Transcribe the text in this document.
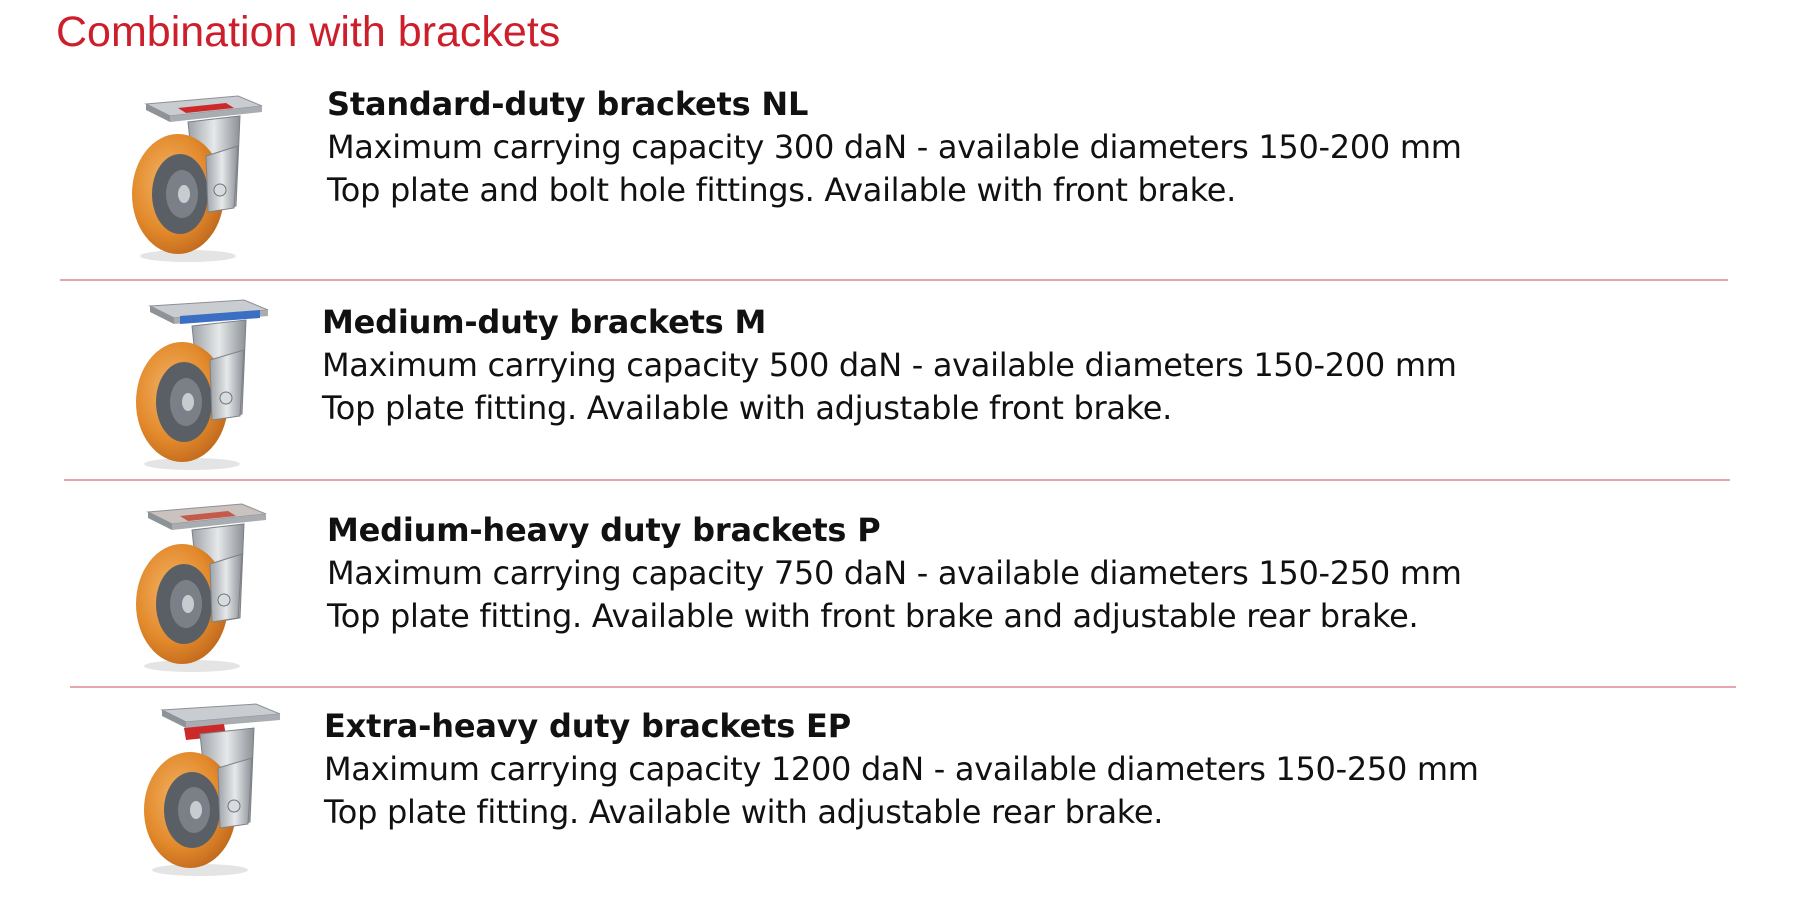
Combination with brackets
Standard-duty brackets NL
Maximum carrying capacity 300 daN - available diameters 150-200 mm
Top plate and bolt hole fittings. Available with front brake.
Medium-duty brackets M
Maximum carrying capacity 500 daN - available diameters 150-200 mm
Top plate fitting. Available with adjustable front brake.
Medium-heavy duty brackets P
Maximum carrying capacity 750 daN - available diameters 150-250 mm
Top plate fitting. Available with front brake and adjustable rear brake.
Extra-heavy duty brackets EP
Maximum carrying capacity 1200 daN - available diameters 150-250 mm
Top plate fitting. Available with adjustable rear brake.
